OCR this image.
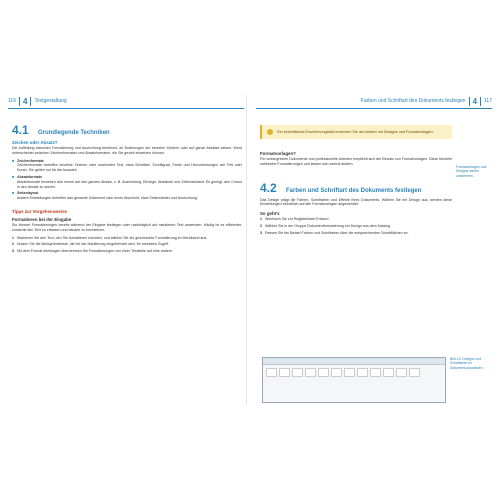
116 4 Textgestaltung
4.1	Grundlegende Techniken
Zeichen oder Absatz?
Die Aufteilung zwischen Formatierung und Ausrichtung bestimmt, ob Änderungen auf einzelne Zeichen oder auf ganze Absätze wirken. Word unterscheidet zwischen Zeichenformaten und Absatzformaten, die Sie gezielt einsetzen können.
■ Zeichenformate
Zeichenformate betreffen einzelne Zeichen oder markierten Text, etwa Schriftart, Schriftgrad, Farbe und Hervorhebungen wie Fett oder Kursiv. Sie gelten nur für die Auswahl.
■ Absatzformate
Absatzformate beziehen sich immer auf den ganzen Absatz, z. B. Ausrichtung, Einzüge, Abstände und Zeilenabstand. Es genügt, den Cursor in den Absatz zu setzen.
■ Seitenlayout
Andere Einstellungen betreffen das gesamte Dokument oder einen Abschnitt, etwa Seitenränder und Ausrichtung.
Tipps zur Vorgehensweise
Formatieren bei der Eingabe
Sie können Formatierungen bereits während der Eingabe festlegen oder nachträglich auf markierten Text anwenden. Häufig ist es effizienter, zunächst den Text zu erfassen und danach zu formatieren.
1 Markieren Sie den Text, den Sie formatieren möchten, und wählen Sie die gewünschte Formatierung im Menüband aus.
2 Nutzen Sie die Minisymbolleiste, die bei der Markierung eingeblendet wird, für schnellen Zugriff.
3 Mit dem Format übertragen übernehmen Sie Formatierungen von einer Textstelle auf eine andere.
Farben und Schriftart des Dokuments festlegen 4 117
Ein einheitliches Erscheinungsbild erreichen Sie am besten mit Designs und Formatvorlagen.
Formatvorlagen?
Für umfangreiche Dokumente und professionelle Arbeiten empfiehlt sich der Einsatz von Formatvorlagen. Diese bündeln zahlreiche Formatierungen und lassen sich zentral ändern.
4.2	Farben und Schriftart des Dokuments festlegen
Das Design prägt die Farben, Schriftarten und Effekte Ihres Dokuments. Wählen Sie ein Design aus, werden diese Einstellungen einheitlich auf alle Formatvorlagen angewendet.
So geht's
1 Wechseln Sie zur Registerkarte Entwurf.
2 Wählen Sie in der Gruppe Dokumentformatierung ein Design aus dem Katalog.
3 Passen Sie bei Bedarf Farben und Schriftarten über die entsprechenden Schaltflächen an.
Formatvorlagen und Designs wirken zusammen.
Bild 4.2 Designs und Schriftarten im Dokument auswählen
